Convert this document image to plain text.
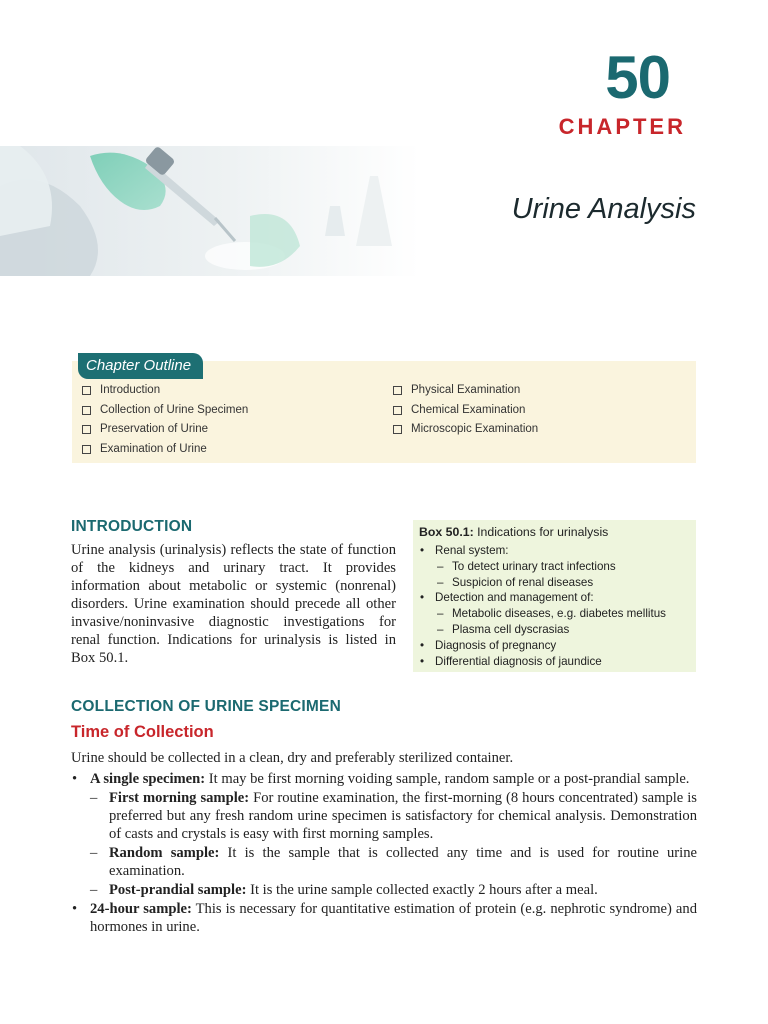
50
CHAPTER
Urine Analysis
Chapter Outline
Introduction
Collection of Urine Specimen
Preservation of Urine
Examination of Urine
Physical Examination
Chemical Examination
Microscopic Examination
INTRODUCTION

Urine analysis (urinalysis) reflects the state of function of the kidneys and urinary tract. It provides information about metabolic or systemic (nonrenal) disorders. Urine examination should precede all other invasive/noninvasive diagnostic investigations for renal function. Indications for urinalysis is listed in Box 50.1.

Box 50.1: Indications for urinalysis
• Renal system:
– To detect urinary tract infections
– Suspicion of renal diseases
• Detection and management of:
– Metabolic diseases, e.g. diabetes mellitus
– Plasma cell dyscrasias
• Diagnosis of pregnancy
• Differential diagnosis of jaundice
COLLECTION OF URINE SPECIMEN
Time of Collection

Urine should be collected in a clean, dry and preferably sterilized container.

• A single specimen: It may be first morning voiding sample, random sample or a post-prandial sample.
– First morning sample: For routine examination, the first-morning (8 hours concentrated) sample is preferred but any fresh random urine specimen is satisfactory for chemical analysis. Demonstration of casts and crystals is easy with first morning samples.
– Random sample: It is the sample that is collected any time and is used for routine urine examination.
– Post-prandial sample: It is the urine sample collected exactly 2 hours after a meal.
• 24-hour sample: This is necessary for quantitative estimation of protein (e.g. nephrotic syndrome) and hormones in urine.
